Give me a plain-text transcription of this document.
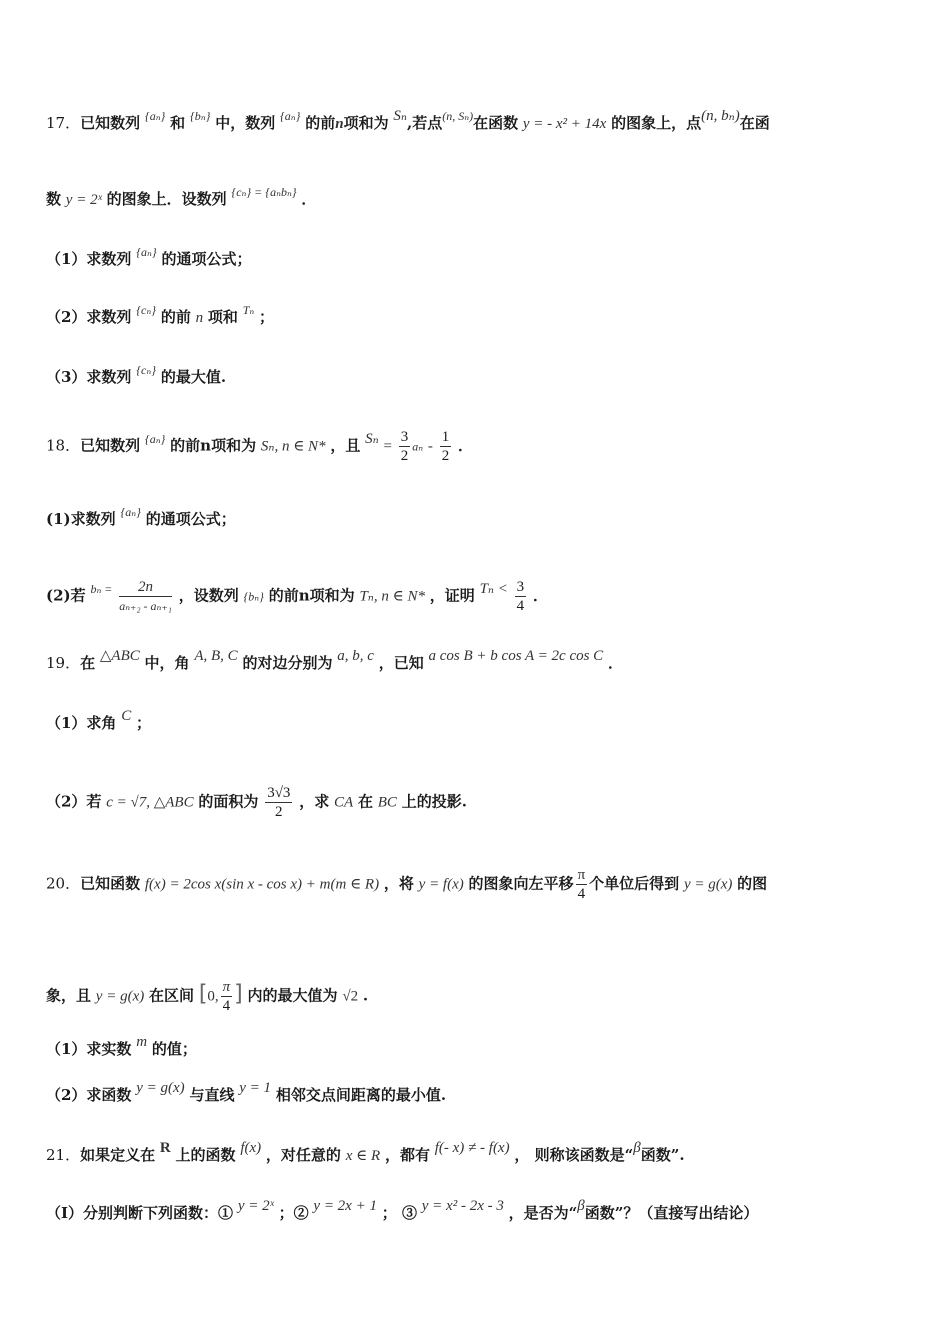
17．已知数列 $^{\{a_n\}}$ 和 $^{\{b_n\}}$ 中，数列 $^{\{a_n\}}$ 的前n项和为 Sₙ,若点$^{(n, S_n)}$在函数 y = - x² + 14x 的图象上，点(n, bₙ)在函
数 y = 2ˣ 的图象上．设数列 $^{\{c_n\} = \{a_nb_n\}}$ ．
（1）求数列 $^{\{a_n\}}$ 的通项公式；
（2）求数列 $^{\{c_n\}}$ 的前 n 项和 $^{T_n}$ ；
（3）求数列 $^{\{c_n\}}$ 的最大值.
18．已知数列 $^{\{a_n\}}$ 的前n项和为 Sₙ, n ∈ N* ，且 $S_n = \frac{3}{2}$ aₙ - $\frac{1}{2}$ ．
(1)求数列 $^{\{a_n\}}$ 的通项公式；
(2)若 $^{b_n =} \frac{2n}{\text{aₙ₊₂ - aₙ₊₁}}$ ，设数列 {bₙ} 的前n项和为 Tₙ, n ∈ N* ，证明 $T_n < \frac{3}{4}$ ．
19．在 △ABC 中，角 A, B, C 的对边分别为 a, b, c ，已知 a cos B + b cos A = 2c cos C ．
（1）求角 C ；
（2）若 c = √7, △ABC 的面积为 $\frac{3√3}{2}$ ，求 CA 在 BC 上的投影.
20．已知函数 f(x) = 2cos x(sin x - cos x) + m(m ∈ R) ，将 y = f(x) 的图象向左平移 $\frac{\pi}{4}$ 个单位后得到 y = g(x) 的图
象，且 y = g(x) 在区间 [0, $\frac{\pi}{4}$ ] 内的最大值为 √2 .
（1）求实数 m 的值；
（2）求函数 y = g(x) 与直线 y = 1 相邻交点间距离的最小值.
21．如果定义在 R 上的函数 f(x) ，对任意的 x ∈ R ，都有 f(- x) ≠ - f(x) ， 则称该函数是“β函数”.
（I）分别判断下列函数：① y = 2ˣ ；② y = 2x + 1 ； ③ y = x² - 2x - 3 ，是否为“β函数”？（直接写出结论）
